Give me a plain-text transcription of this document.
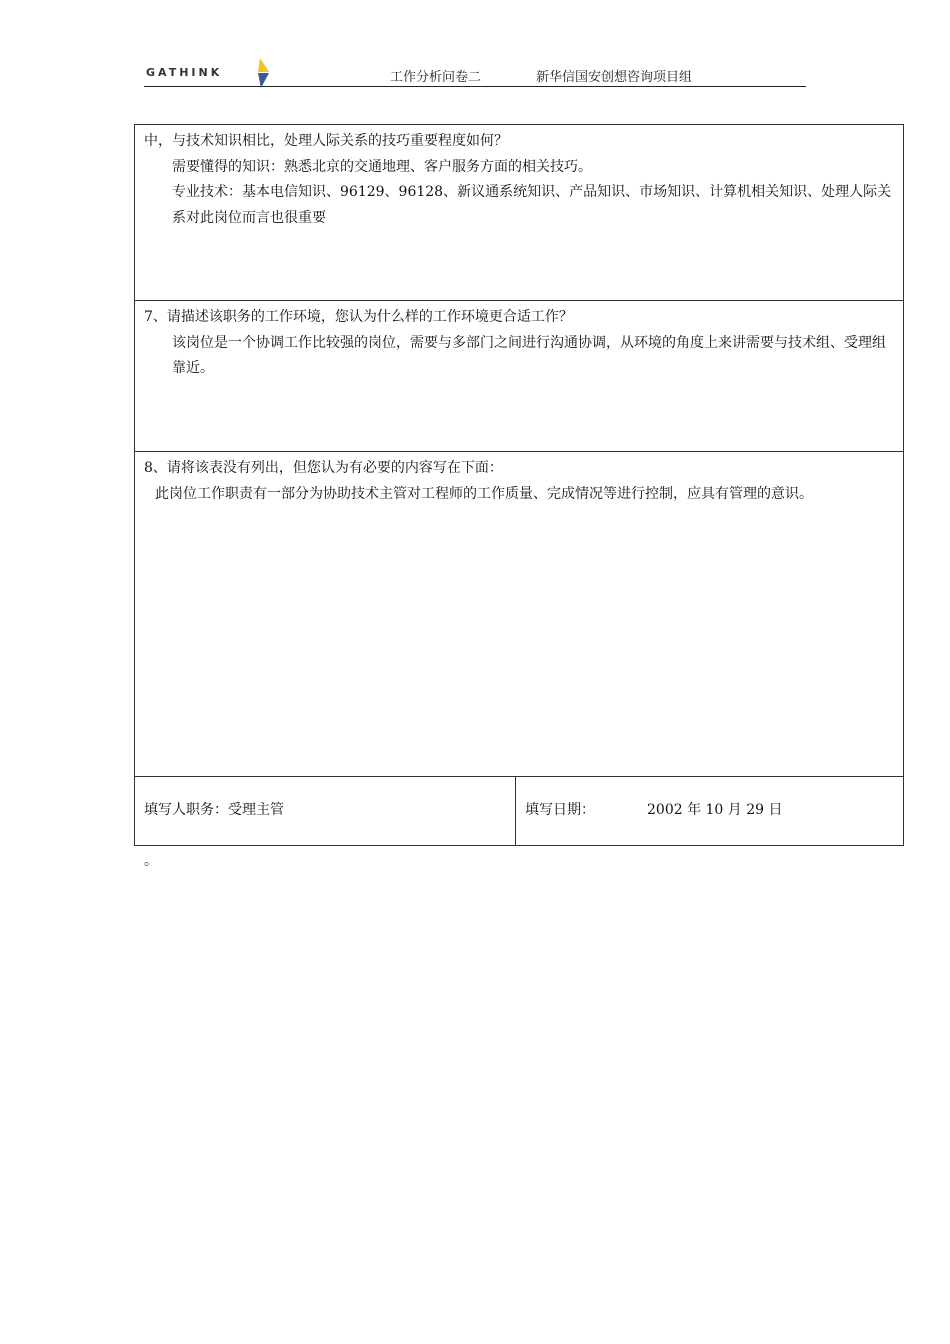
GATHINK	工作分析问卷二	新华信国安创想咨询项目组
中，与技术知识相比，处理人际关系的技巧重要程度如何？
需要懂得的知识：熟悉北京的交通地理、客户服务方面的相关技巧。
专业技术：基本电信知识、96129、96128、新议通系统知识、产品知识、市场知识、计算机相关知识、处理人际关系对此岗位而言也很重要

7、请描述该职务的工作环境，您认为什么样的工作环境更合适工作？
该岗位是一个协调工作比较强的岗位，需要与多部门之间进行沟通协调，从环境的角度上来讲需要与技术组、受理组靠近。

8、请将该表没有列出，但您认为有必要的内容写在下面：
此岗位工作职责有一部分为协助技术主管对工程师的工作质量、完成情况等进行控制，应具有管理的意识。

填写人职务：受理主管	填写日期：	2002 年 10 月 29 日
。
